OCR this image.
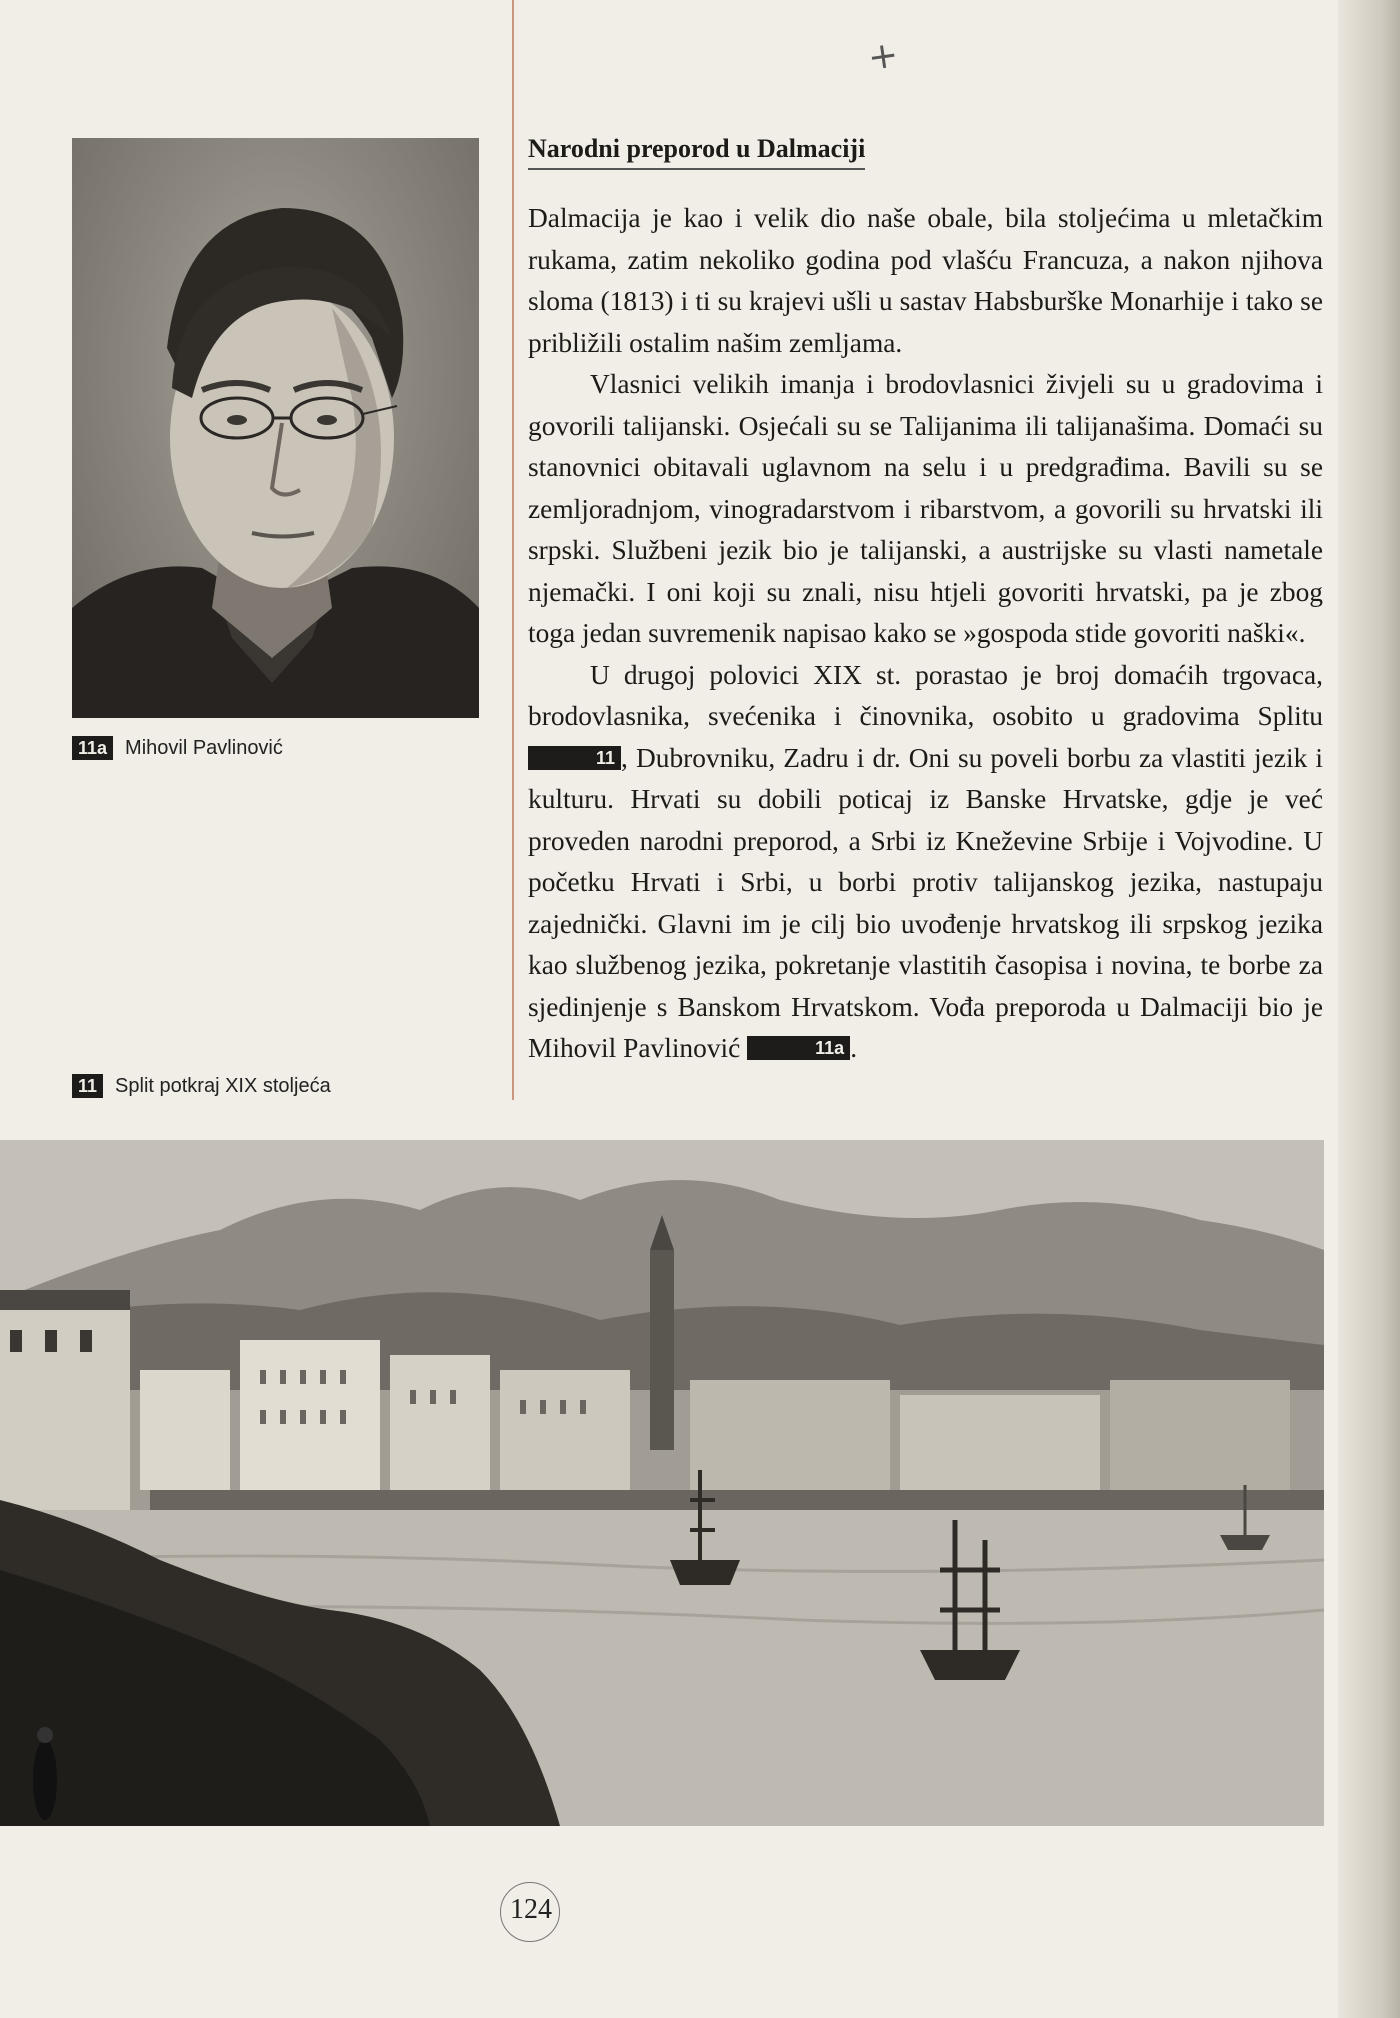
+
11a Mihovil Pavlinović
11 Split potkraj XIX stoljeća
Narodni preporod u Dalmaciji

Dalmacija je kao i velik dio naše obale, bila stoljećima u mletačkim rukama, zatim nekoliko godina pod vlašću Francuza, a nakon njihova sloma (1813) i ti su krajevi ušli u sastav Habsburške Monarhije i tako se približili ostalim našim zemljama.

Vlasnici velikih imanja i brodovlasnici živjeli su u gradovima i govorili talijanski. Osjećali su se Talijanima ili talijanašima. Domaći su stanovnici obitavali uglavnom na selu i u predgrađima. Bavili su se zemljoradnjom, vinogradarstvom i ribarstvom, a govorili su hrvatski ili srpski. Službeni jezik bio je talijanski, a austrijske su vlasti nametale njemački. I oni koji su znali, nisu htjeli govoriti hrvatski, pa je zbog toga jedan suvremenik napisao kako se »gospoda stide govoriti naški«.

U drugoj polovici XIX st. porastao je broj domaćih trgovaca, brodovlasnika, svećenika i činovnika, osobito u gradovima Splitu 11 , Dubrovniku, Zadru i dr. Oni su poveli borbu za vlastiti jezik i kulturu. Hrvati su dobili poticaj iz Banske Hrvatske, gdje je već proveden narodni preporod, a Srbi iz Kneževine Srbije i Vojvodine. U početku Hrvati i Srbi, u borbi protiv talijanskog jezika, nastupaju zajednički. Glavni im je cilj bio uvođenje hrvatskog ili srpskog jezika kao službenog jezika, pokretanje vlastitih časopisa i novina, te borbe za sjedinjenje s Banskom Hrvatskom. Vođa preporoda u Dalmaciji bio je Mihovil Pavlinović	11a .

124
